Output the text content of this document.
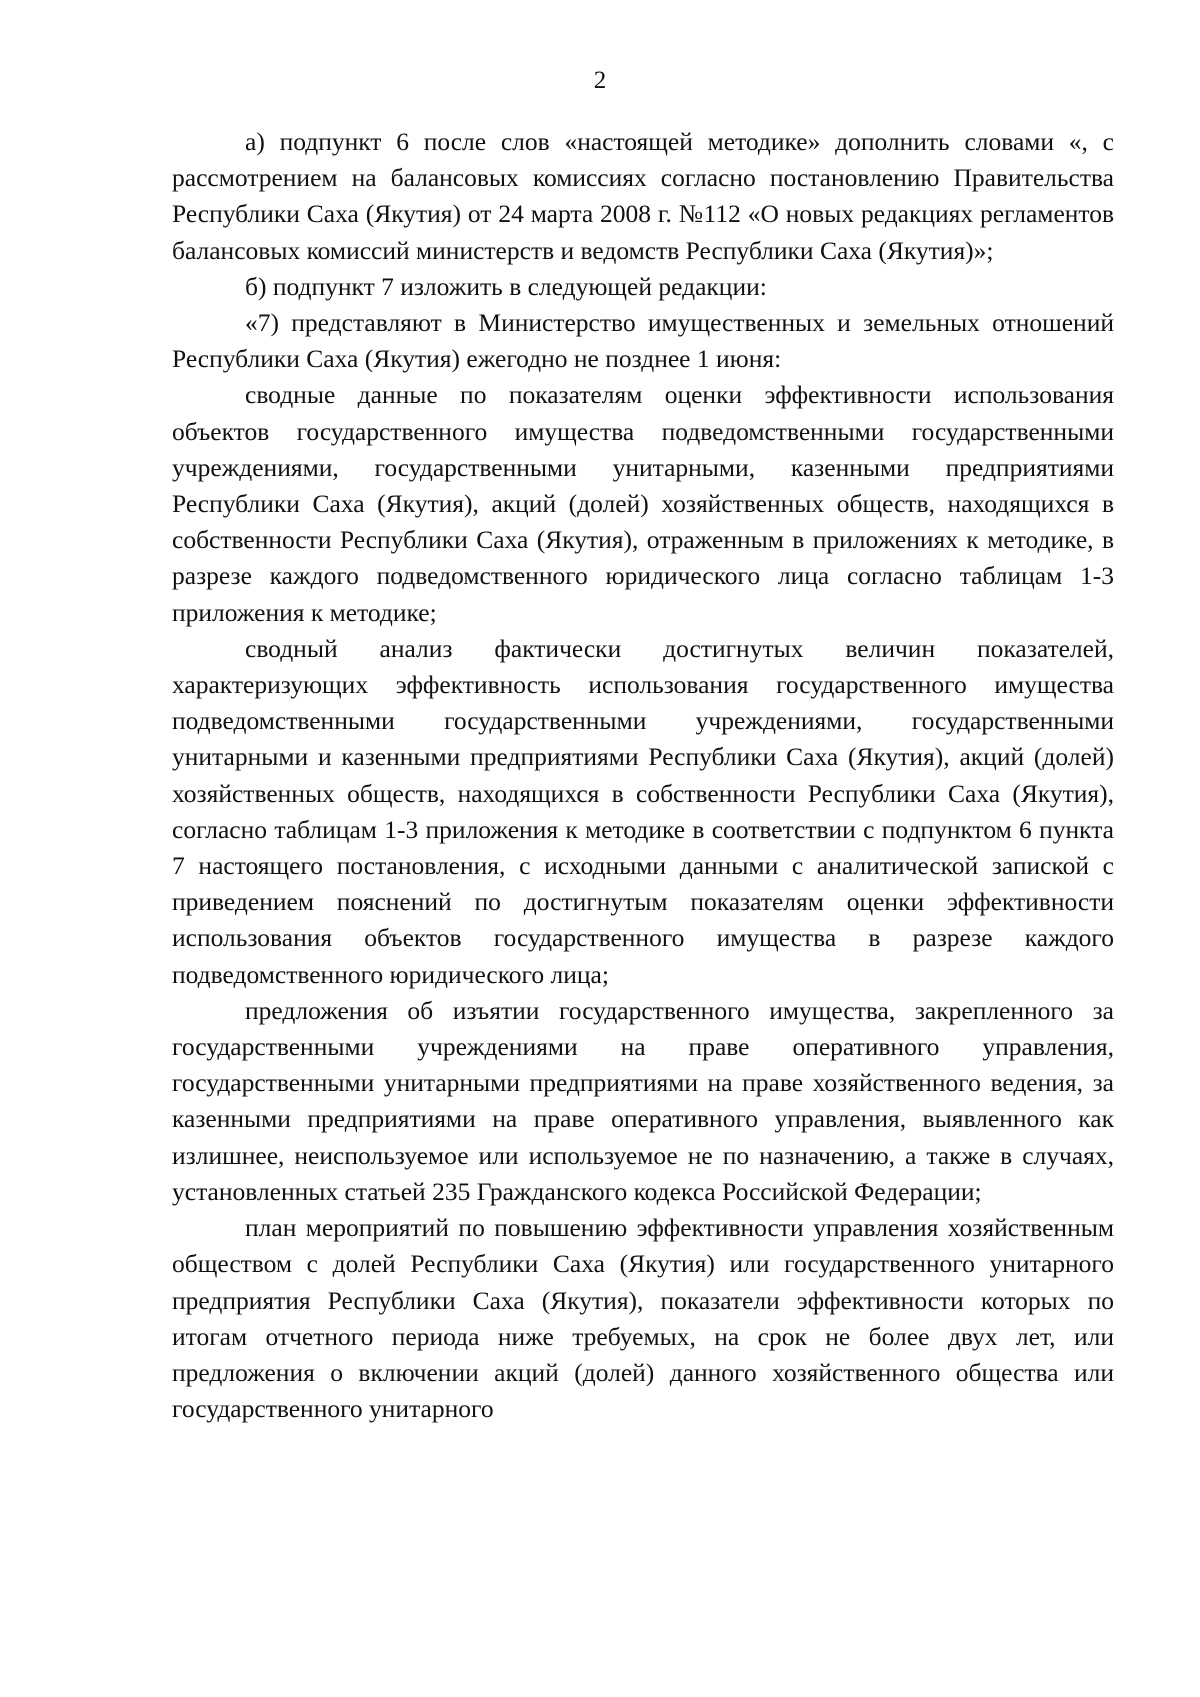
2

а) подпункт 6 после слов «настоящей методике» дополнить словами «, с рассмотрением на балансовых комиссиях согласно постановлению Правительства Республики Саха (Якутия) от 24 марта 2008 г. №112 «О новых редакциях регламентов балансовых комиссий министерств и ведомств Республики Саха (Якутия)»;

б) подпункт 7 изложить в следующей редакции:

«7) представляют в Министерство имущественных и земельных отношений Республики Саха (Якутия) ежегодно не позднее 1 июня:

сводные данные по показателям оценки эффективности использования объектов государственного имущества подведомственными государственными учреждениями, государственными унитарными, казенными предприятиями Республики Саха (Якутия), акций (долей) хозяйственных обществ, находящихся в собственности Республики Саха (Якутия), отраженным в приложениях к методике, в разрезе каждого подведомственного юридического лица согласно таблицам 1-3 приложения к методике;

сводный анализ фактически достигнутых величин показателей, характеризующих эффективность использования государственного имущества подведомственными государственными учреждениями, государственными унитарными и казенными предприятиями Республики Саха (Якутия), акций (долей) хозяйственных обществ, находящихся в собственности Республики Саха (Якутия), согласно таблицам 1-3 приложения к методике в соответствии с подпунктом 6 пункта 7 настоящего постановления, с исходными данными с аналитической запиской с приведением пояснений по достигнутым показателям оценки эффективности использования объектов государственного имущества в разрезе каждого подведомственного юридического лица;

предложения об изъятии государственного имущества, закрепленного за государственными учреждениями на праве оперативного управления, государственными унитарными предприятиями на праве хозяйственного ведения, за казенными предприятиями на праве оперативного управления, выявленного как излишнее, неиспользуемое или используемое не по назначению, а также в случаях, установленных статьей 235 Гражданского кодекса Российской Федерации;

план мероприятий по повышению эффективности управления хозяйственным обществом с долей Республики Саха (Якутия) или государственного унитарного предприятия Республики Саха (Якутия), показатели эффективности которых по итогам отчетного периода ниже требуемых, на срок не более двух лет, или предложения о включении акций (долей) данного хозяйственного общества или государственного унитарного
